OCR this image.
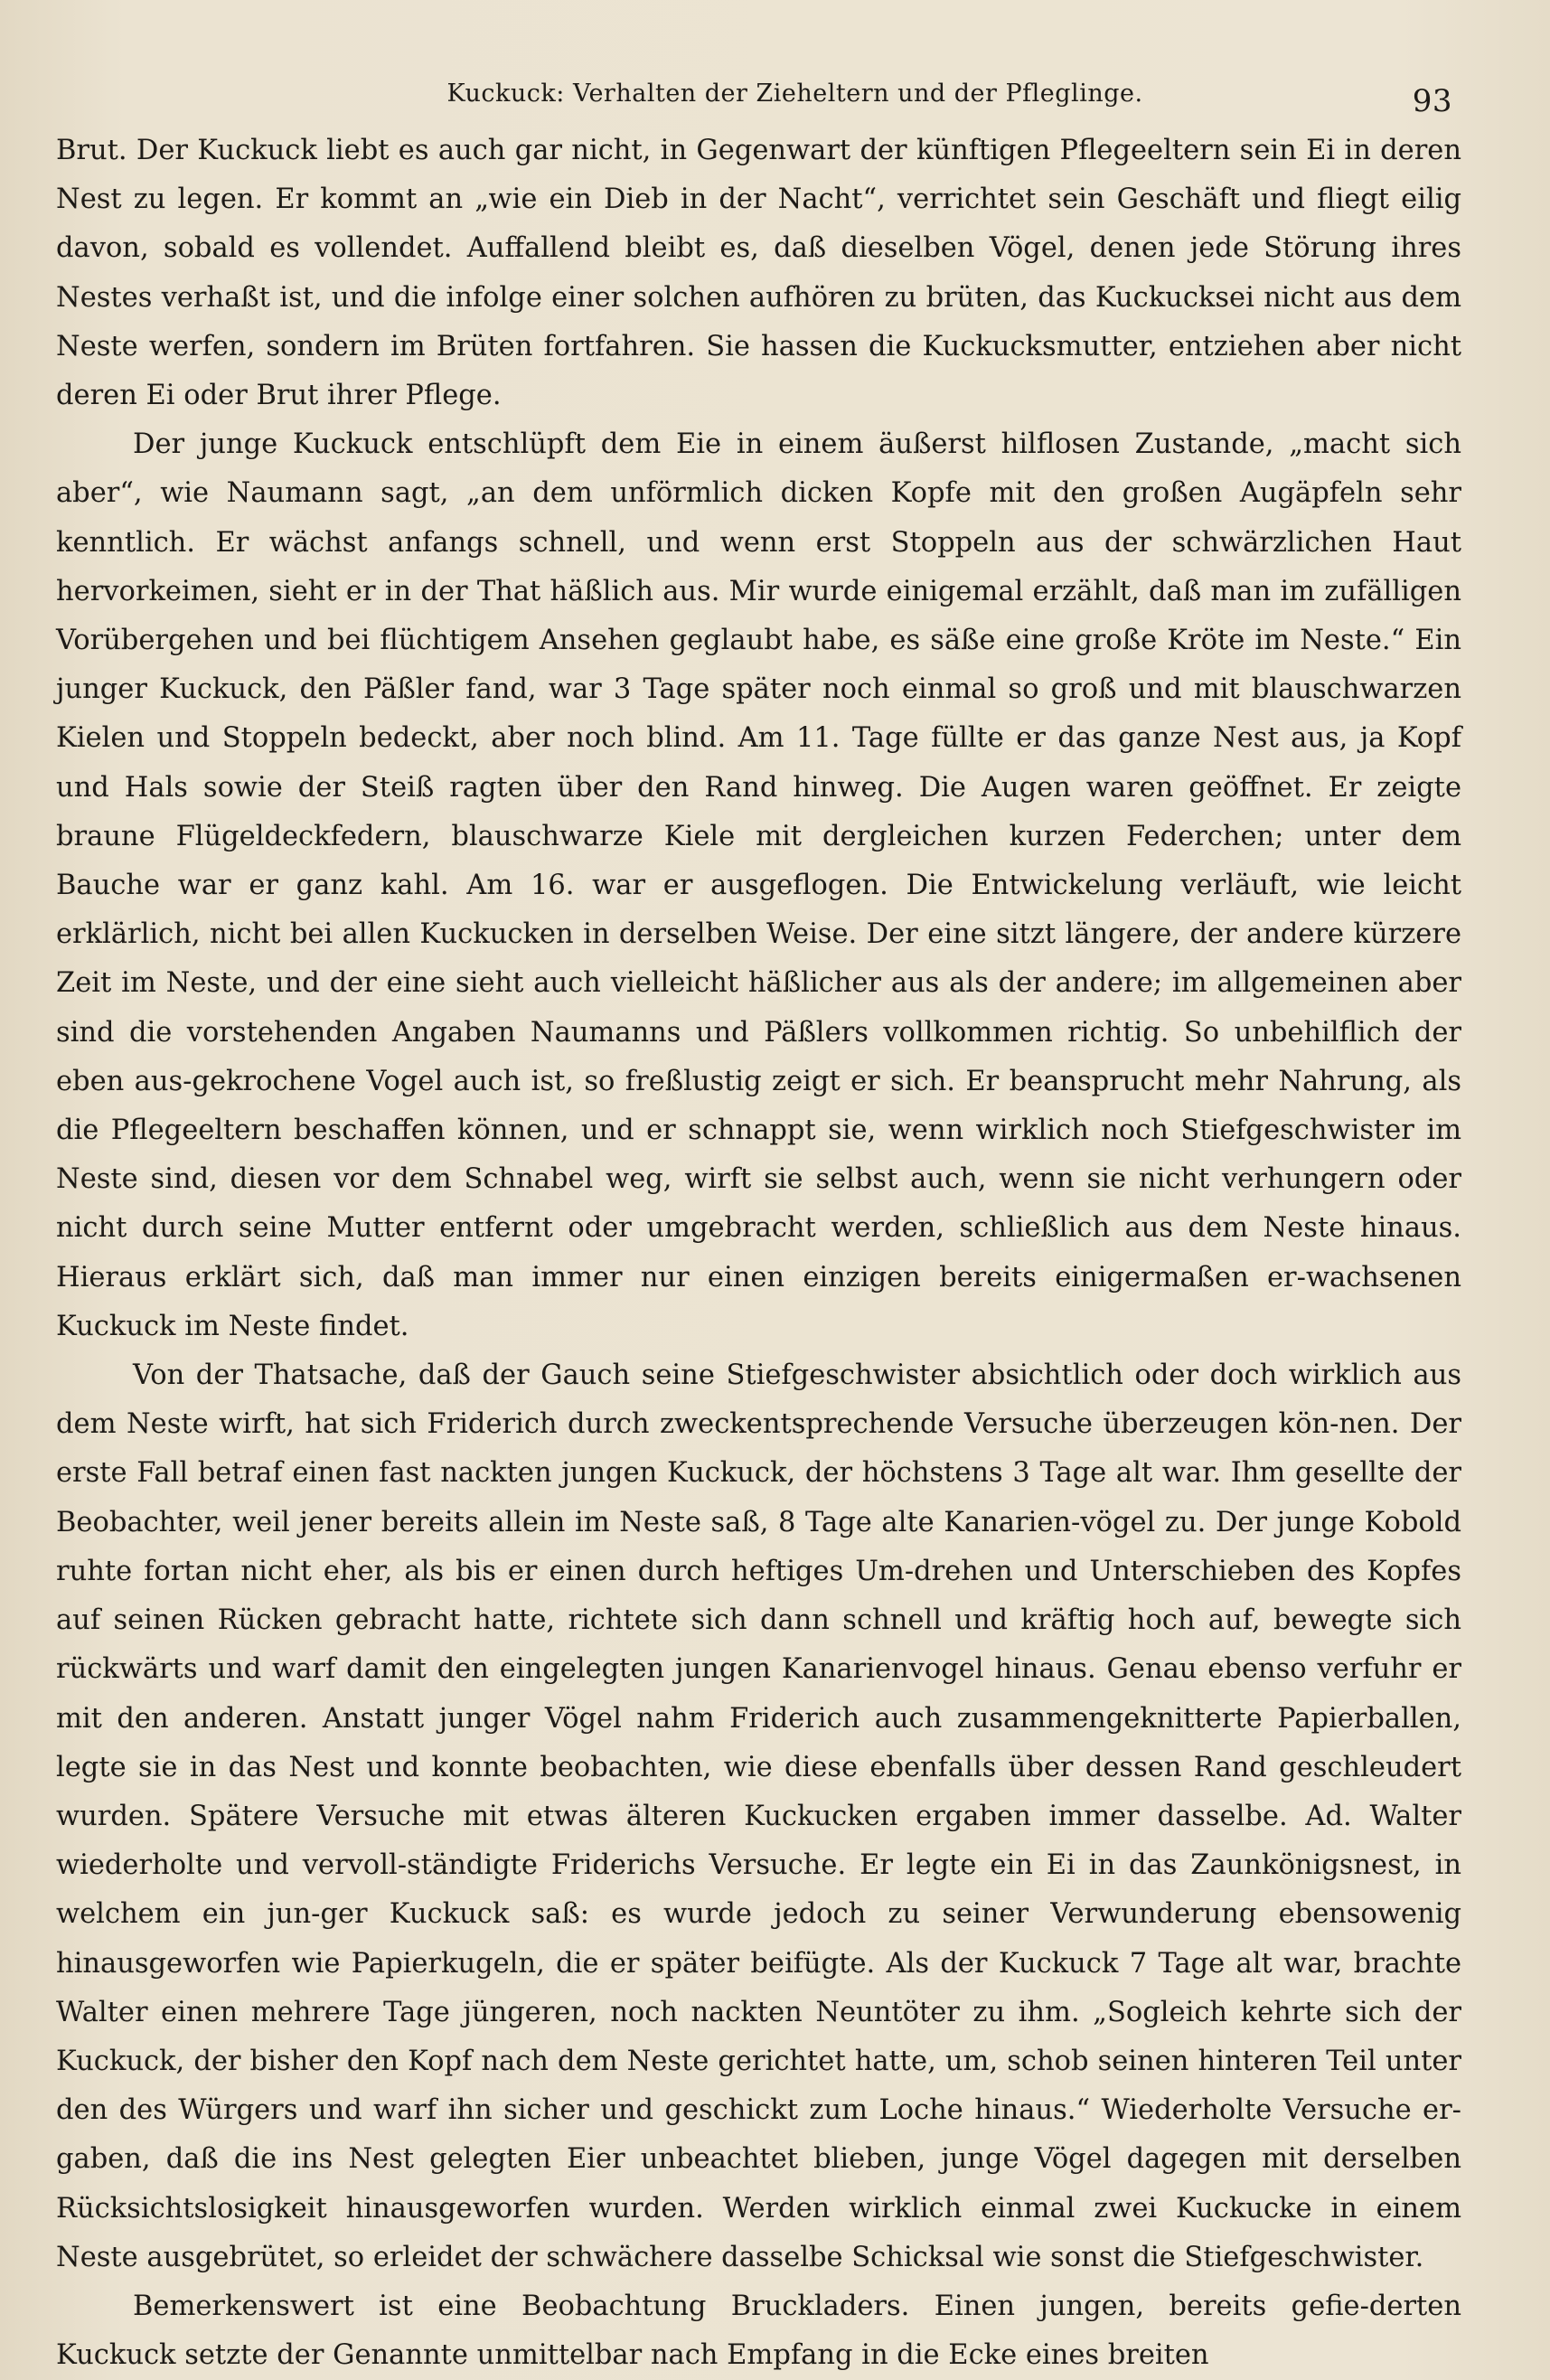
Kuckuck: Verhalten der Zieheltern und der Pfleglinge.	93

Brut. Der Kuckuck liebt es auch gar nicht, in Gegenwart der künftigen Pflegeeltern sein Ei in deren Nest zu legen. Er kommt an „wie ein Dieb in der Nacht“, verrichtet sein Geschäft und fliegt eilig davon, sobald es vollendet. Auffallend bleibt es, daß dieselben Vögel, denen jede Störung ihres Nestes verhaßt ist, und die infolge einer solchen aufhören zu brüten, das Kuckucksei nicht aus dem Neste werfen, sondern im Brüten fortfahren. Sie hassen die Kuckucksmutter, entziehen aber nicht deren Ei oder Brut ihrer Pflege.

Der junge Kuckuck entschlüpft dem Eie in einem äußerst hilflosen Zustande, „macht sich aber“, wie Naumann sagt, „an dem unförmlich dicken Kopfe mit den großen Augäpfeln sehr kenntlich. Er wächst anfangs schnell, und wenn erst Stoppeln aus der schwärzlichen Haut hervorkeimen, sieht er in der That häßlich aus. Mir wurde einigemal erzählt, daß man im zufälligen Vorübergehen und bei flüchtigem Ansehen geglaubt habe, es säße eine große Kröte im Neste.“ Ein junger Kuckuck, den Päßler fand, war 3 Tage später noch einmal so groß und mit blauschwarzen Kielen und Stoppeln bedeckt, aber noch blind. Am 11. Tage füllte er das ganze Nest aus, ja Kopf und Hals sowie der Steiß ragten über den Rand hinweg. Die Augen waren geöffnet. Er zeigte braune Flügeldeckfedern, blauschwarze Kiele mit dergleichen kurzen Federchen; unter dem Bauche war er ganz kahl. Am 16. war er ausgeflogen. Die Entwickelung verläuft, wie leicht erklärlich, nicht bei allen Kuckucken in derselben Weise. Der eine sitzt längere, der andere kürzere Zeit im Neste, und der eine sieht auch vielleicht häßlicher aus als der andere; im allgemeinen aber sind die vorstehenden Angaben Naumanns und Päßlers vollkommen richtig. So unbehilflich der eben aus-gekrochene Vogel auch ist, so freßlustig zeigt er sich. Er beansprucht mehr Nahrung, als die Pflegeeltern beschaffen können, und er schnappt sie, wenn wirklich noch Stiefgeschwister im Neste sind, diesen vor dem Schnabel weg, wirft sie selbst auch, wenn sie nicht verhungern oder nicht durch seine Mutter entfernt oder umgebracht werden, schließlich aus dem Neste hinaus. Hieraus erklärt sich, daß man immer nur einen einzigen bereits einigermaßen er-wachsenen Kuckuck im Neste findet.

Von der Thatsache, daß der Gauch seine Stiefgeschwister absichtlich oder doch wirklich aus dem Neste wirft, hat sich Friderich durch zweckentsprechende Versuche überzeugen kön-nen. Der erste Fall betraf einen fast nackten jungen Kuckuck, der höchstens 3 Tage alt war. Ihm gesellte der Beobachter, weil jener bereits allein im Neste saß, 8 Tage alte Kanarien-vögel zu. Der junge Kobold ruhte fortan nicht eher, als bis er einen durch heftiges Um-drehen und Unterschieben des Kopfes auf seinen Rücken gebracht hatte, richtete sich dann schnell und kräftig hoch auf, bewegte sich rückwärts und warf damit den eingelegten jungen Kanarienvogel hinaus. Genau ebenso verfuhr er mit den anderen. Anstatt junger Vögel nahm Friderich auch zusammengeknitterte Papierballen, legte sie in das Nest und konnte beobachten, wie diese ebenfalls über dessen Rand geschleudert wurden. Spätere Versuche mit etwas älteren Kuckucken ergaben immer dasselbe. Ad. Walter wiederholte und vervoll-ständigte Friderichs Versuche. Er legte ein Ei in das Zaunkönigsnest, in welchem ein jun-ger Kuckuck saß: es wurde jedoch zu seiner Verwunderung ebensowenig hinausgeworfen wie Papierkugeln, die er später beifügte. Als der Kuckuck 7 Tage alt war, brachte Walter einen mehrere Tage jüngeren, noch nackten Neuntöter zu ihm. „Sogleich kehrte sich der Kuckuck, der bisher den Kopf nach dem Neste gerichtet hatte, um, schob seinen hinteren Teil unter den des Würgers und warf ihn sicher und geschickt zum Loche hinaus.“ Wiederholte Versuche er-gaben, daß die ins Nest gelegten Eier unbeachtet blieben, junge Vögel dagegen mit derselben Rücksichtslosigkeit hinausgeworfen wurden. Werden wirklich einmal zwei Kuckucke in einem Neste ausgebrütet, so erleidet der schwächere dasselbe Schicksal wie sonst die Stiefgeschwister.

Bemerkenswert ist eine Beobachtung Bruckladers. Einen jungen, bereits gefie-derten Kuckuck setzte der Genannte unmittelbar nach Empfang in die Ecke eines breiten
